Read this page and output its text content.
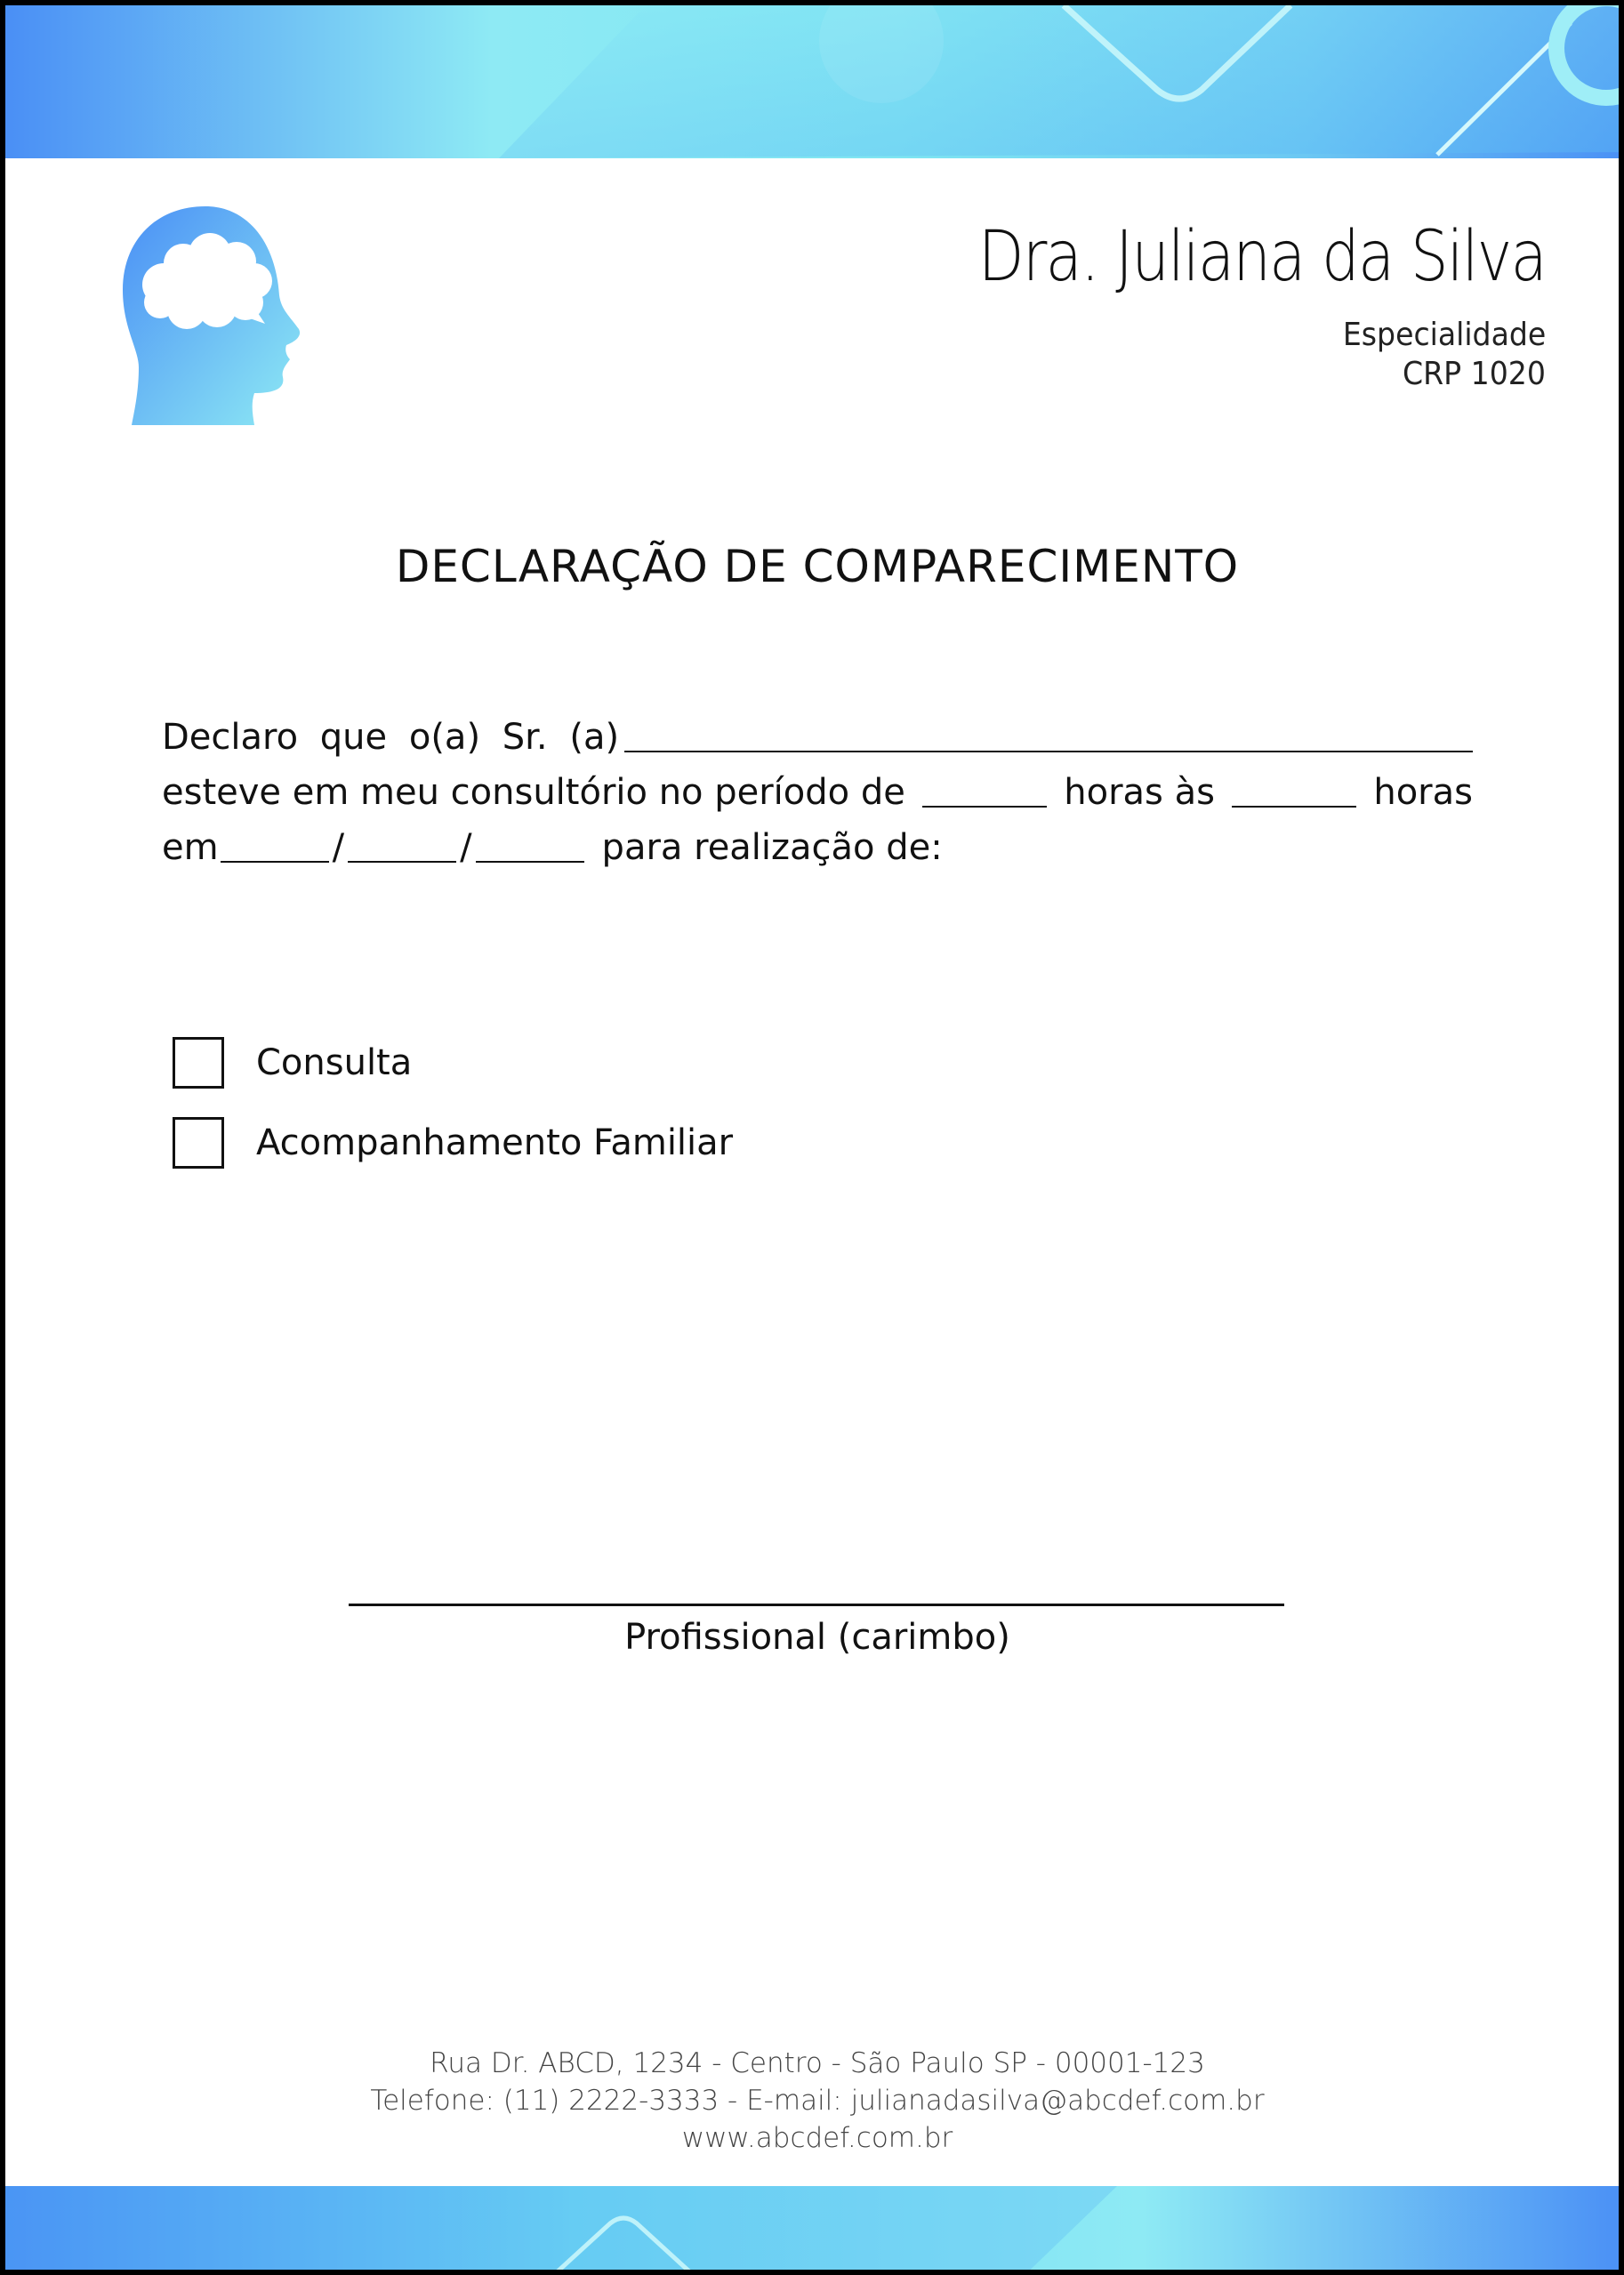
Dra. Juliana da Silva
Especialidade
CRP 1020
DECLARAÇÃO DE COMPARECIMENTO
Declaro que o(a) Sr. (a)
esteve em meu consultório no período de	horas às	horas
em	/	/	para realização de:
Consulta
Acompanhamento Familiar
Profissional (carimbo)
Rua Dr. ABCD, 1234 - Centro - São Paulo SP - 00001-123
Telefone: (11) 2222-3333 - E-mail: julianadasilva@abcdef.com.br
www.abcdef.com.br
